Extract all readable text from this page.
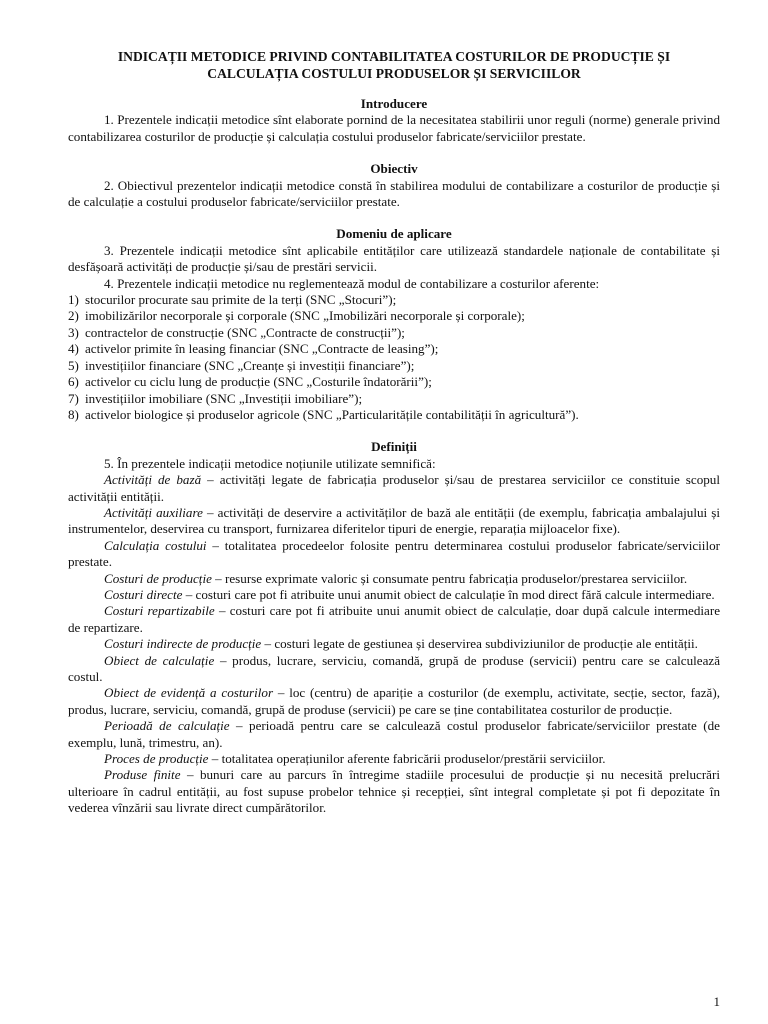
INDICAȚII METODICE PRIVIND CONTABILITATEA COSTURILOR DE PRODUCȚIE ȘI
CALCULAȚIA COSTULUI PRODUSELOR ȘI SERVICIILOR
Introducere

1. Prezentele indicații metodice sînt elaborate pornind de la necesitatea stabilirii unor reguli (norme) generale privind contabilizarea costurilor de producție și calculația costului produselor fabricate/serviciilor prestate.

Obiectiv

2. Obiectivul prezentelor indicații metodice constă în stabilirea modului de contabilizare a costurilor de producție și de calculație a costului produselor fabricate/serviciilor prestate.

Domeniu de aplicare

3. Prezentele indicații metodice sînt aplicabile entităților care utilizează standardele naționale de contabilitate și desfășoară activități de producție și/sau de prestări servicii.

4. Prezentele indicații metodice nu reglementează modul de contabilizare a costurilor aferente:

1) stocurilor procurate sau primite de la terți (SNC „Stocuri”);
2) imobilizărilor necorporale și corporale (SNC „Imobilizări necorporale și corporale);
3) contractelor de construcție (SNC „Contracte de construcții”);
4) activelor primite în leasing financiar (SNC „Contracte de leasing”);
5) investițiilor financiare (SNC „Creanțe și investiții financiare”);
6) activelor cu ciclu lung de producție (SNC „Costurile îndatorării”);
7) investițiilor imobiliare (SNC „Investiții imobiliare”);
8) activelor biologice și produselor agricole (SNC „Particularitățile contabilității în agricultură”).
Definiții

5. În prezentele indicații metodice noțiunile utilizate semnifică:

Activități de bază – activități legate de fabricația produselor și/sau de prestarea serviciilor ce constituie scopul activității entității.

Activități auxiliare – activități de deservire a activităților de bază ale entității (de exemplu, fabricația ambalajului și instrumentelor, deservirea cu transport, furnizarea diferitelor tipuri de energie, reparația mijloacelor fixe).

Calculația costului – totalitatea procedeelor folosite pentru determinarea costului produselor fabricate/serviciilor prestate.

Costuri de producție – resurse exprimate valoric și consumate pentru fabricația produselor/prestarea serviciilor.

Costuri directe – costuri care pot fi atribuite unui anumit obiect de calculație în mod direct fără calcule intermediare.

Costuri repartizabile – costuri care pot fi atribuite unui anumit obiect de calculație, doar după calcule intermediare de repartizare.

Costuri indirecte de producție – costuri legate de gestiunea și deservirea subdiviziunilor de producție ale entității.

Obiect de calculație – produs, lucrare, serviciu, comandă, grupă de produse (servicii) pentru care se calculează costul.

Obiect de evidență a costurilor – loc (centru) de apariție a costurilor (de exemplu, activitate, secție, sector, fază), produs, lucrare, serviciu, comandă, grupă de produse (servicii) pe care se ține contabilitatea costurilor de producție.

Perioadă de calculație – perioadă pentru care se calculează costul produselor fabricate/serviciilor prestate (de exemplu, lună, trimestru, an).

Proces de producție – totalitatea operațiunilor aferente fabricării produselor/prestării serviciilor.

Produse finite – bunuri care au parcurs în întregime stadiile procesului de producție și nu necesită prelucrări ulterioare în cadrul entității, au fost supuse probelor tehnice și recepției, sînt integral completate și pot fi depozitate în vederea vînzării sau livrate direct cumpărătorilor.

1
